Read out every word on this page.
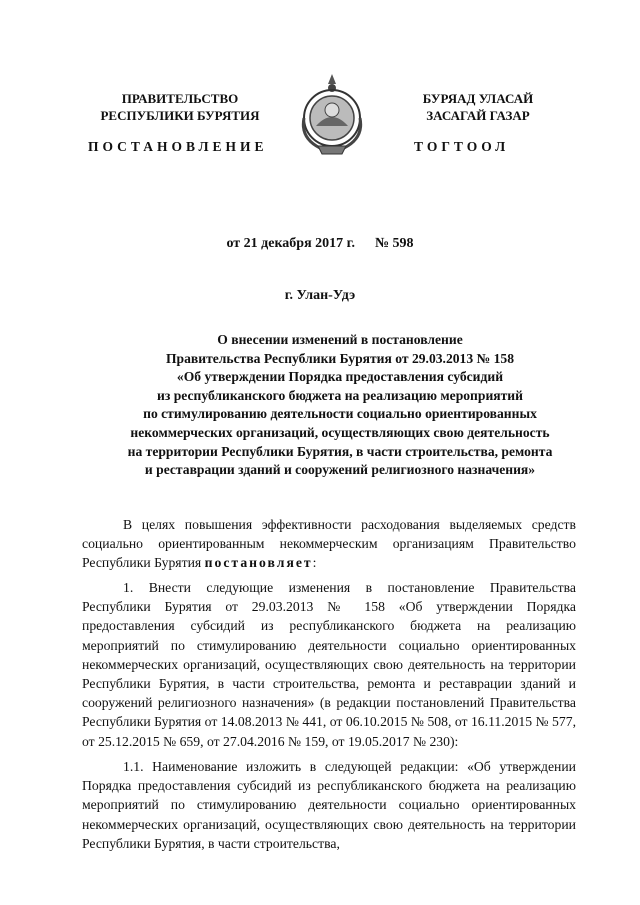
ПРАВИТЕЛЬСТВО
РЕСПУБЛИКИ БУРЯТИЯ
ПОСТАНОВЛЕНИЕ
БУРЯАД УЛАСАЙ
ЗАСАГАЙ ГАЗАР
ТОГТООЛ
от 21 декабря 2017 г. № 598
г. Улан-Удэ
О внесении изменений в постановление
Правительства Республики Бурятия от 29.03.2013 № 158
«Об утверждении Порядка предоставления субсидий
из республиканского бюджета на реализацию мероприятий
по стимулированию деятельности социально ориентированных
некоммерческих организаций, осуществляющих свою деятельность
на территории Республики Бурятия, в части строительства, ремонта
и реставрации зданий и сооружений религиозного назначения»

В целях повышения эффективности расходования выделяемых средств социально ориентированным некоммерческим организациям Правительство Республики Бурятия постановляет:

1. Внести следующие изменения в постановление Правительства Республики Бурятия от 29.03.2013 № 158 «Об утверждении Порядка предоставления субсидий из республиканского бюджета на реализацию мероприятий по стимулированию деятельности социально ориентированных некоммерческих организаций, осуществляющих свою деятельность на территории Республики Бурятия, в части строительства, ремонта и реставрации зданий и сооружений религиозного назначения» (в редакции постановлений Правительства Республики Бурятия от 14.08.2013 № 441, от 06.10.2015 № 508, от 16.11.2015 № 577, от 25.12.2015 № 659, от 27.04.2016 № 159, от 19.05.2017 № 230):

1.1. Наименование изложить в следующей редакции: «Об утверждении Порядка предоставления субсидий из республиканского бюджета на реализацию мероприятий по стимулированию деятельности социально ориентированных некоммерческих организаций, осуществляющих свою деятельность на территории Республики Бурятия, в части строительства,
